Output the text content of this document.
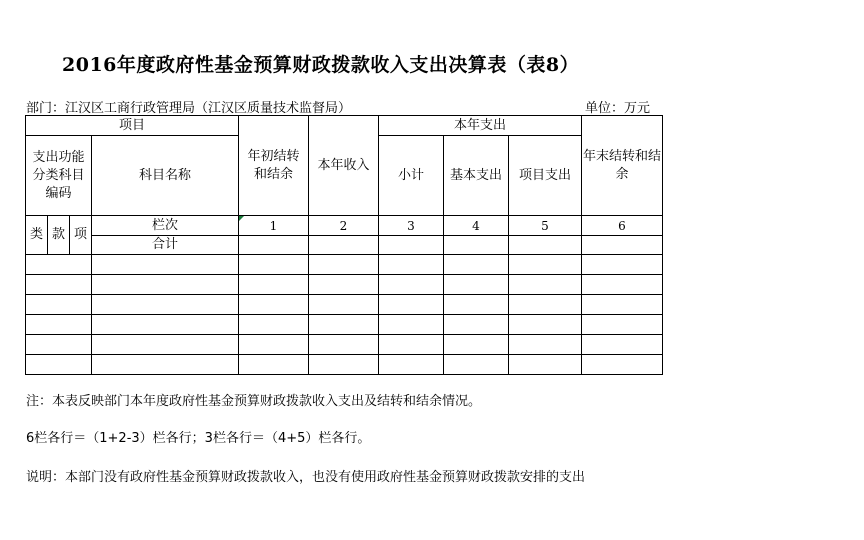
2016年度政府性基金预算财政拨款收入支出决算表（表8）
部门：江汉区工商行政管理局（江汉区质量技术监督局）	单位：万元
项目				年初结转和结余	本年收入	本年支出			年末结转和结余
支出功能分类科目编码			科目名称			小计	基本支出	项目支出	

类	款	项	栏次	1	2	3	4	5	6
			合计						

注：本表反映部门本年度政府性基金预算财政拨款收入支出及结转和结余情况。
6栏各行＝（1+2-3）栏各行；3栏各行＝（4+5）栏各行。
说明：本部门没有政府性基金预算财政拨款收入，也没有使用政府性基金预算财政拨款安排的支出
